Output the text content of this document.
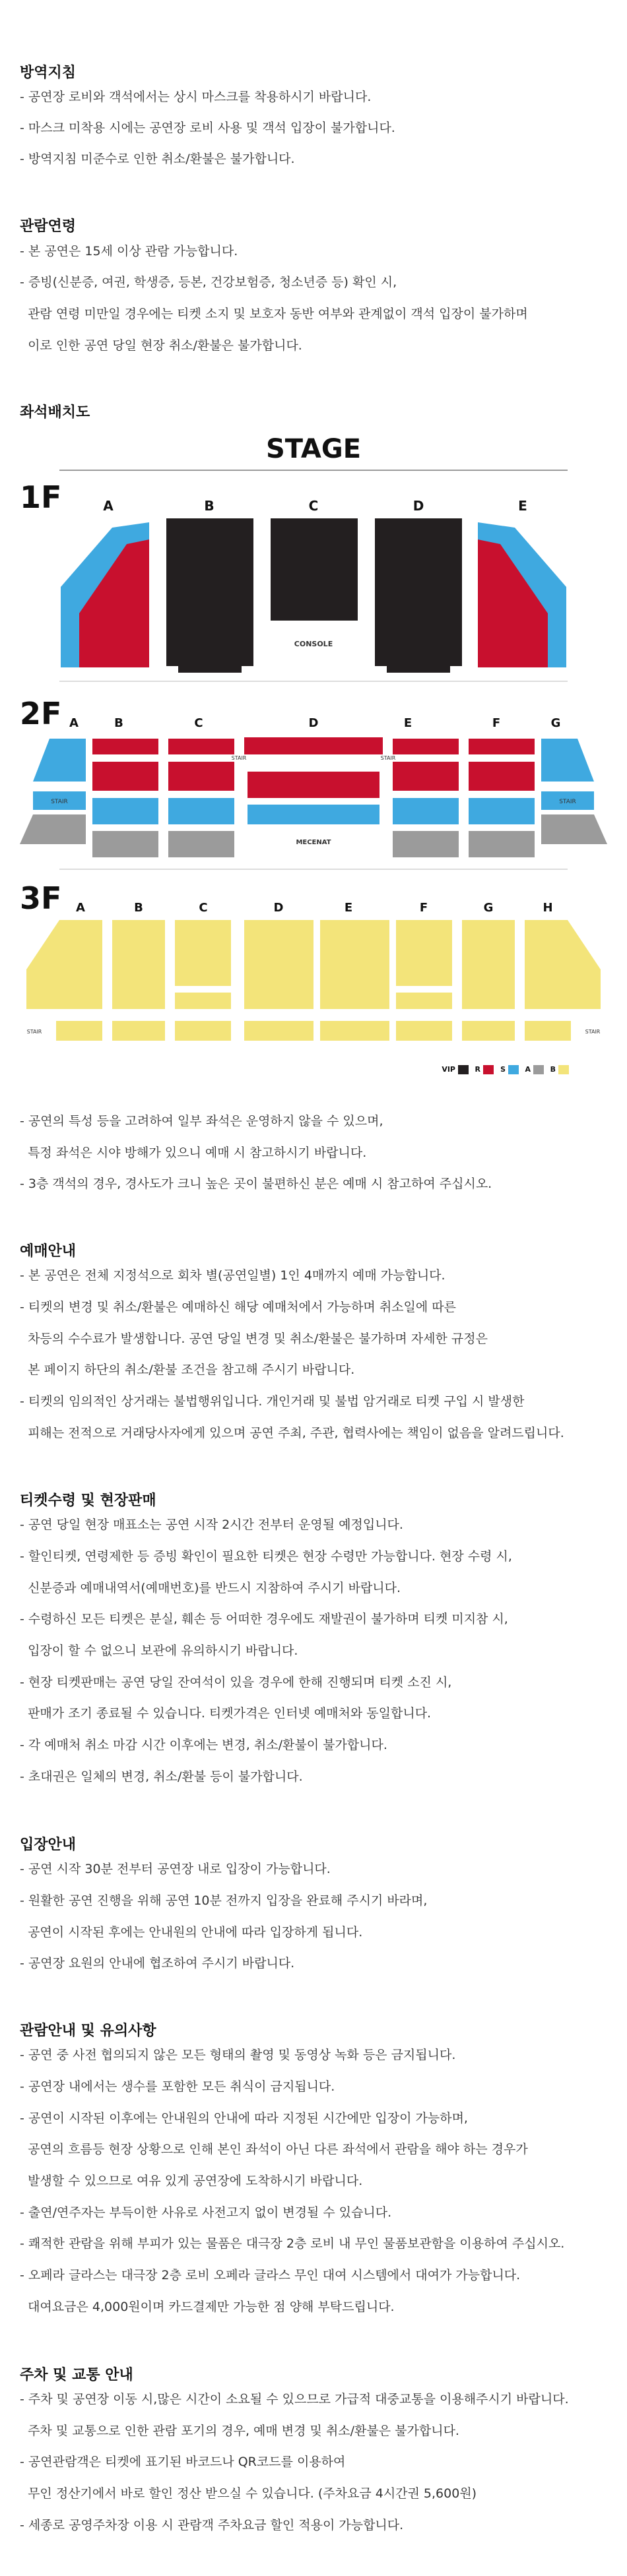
방역지침
- 공연장 로비와 객석에서는 상시 마스크를 착용하시기 바랍니다.
- 마스크 미착용 시에는 공연장 로비 사용 및 객석 입장이 불가합니다.
- 방역지침 미준수로 인한 취소/환불은 불가합니다.
관람연령
- 본 공연은 15세 이상 관람 가능합니다.
- 증빙(신분증, 여권, 학생증, 등본, 건강보험증, 청소년증 등) 확인 시,
관람 연령 미만일 경우에는 티켓 소지 및 보호자 동반 여부와 관계없이 객석 입장이 불가하며
이로 인한 공연 당일 현장 취소/환불은 불가합니다.
좌석배치도
STAGE
1F	A	B	C	D	E
CONSOLE
2F A	B	C	D	E	F	G
STAIR	STAIR
STAIR	STAIR
MECENAT
3F A	B	C	D	E	F	G	H
STAIR	STAIR
VIP	R	S	A	B
- 공연의 특성 등을 고려하여 일부 좌석은 운영하지 않을 수 있으며,
특정 좌석은 시야 방해가 있으니 예매 시 참고하시기 바랍니다.
- 3층 객석의 경우, 경사도가 크니 높은 곳이 불편하신 분은 예매 시 참고하여 주십시오.
예매안내
- 본 공연은 전체 지정석으로 회차 별(공연일별) 1인 4매까지 예매 가능합니다.
- 티켓의 변경 및 취소/환불은 예매하신 해당 예매처에서 가능하며 취소일에 따른
차등의 수수료가 발생합니다. 공연 당일 변경 및 취소/환불은 불가하며 자세한 규정은
본 페이지 하단의 취소/환불 조건을 참고해 주시기 바랍니다.
- 티켓의 임의적인 상거래는 불법행위입니다. 개인거래 및 불법 암거래로 티켓 구입 시 발생한
피해는 전적으로 거래당사자에게 있으며 공연 주최, 주관, 협력사에는 책임이 없음을 알려드립니다.
티켓수령 및 현장판매
- 공연 당일 현장 매표소는 공연 시작 2시간 전부터 운영될 예정입니다.
- 할인티켓, 연령제한 등 증빙 확인이 필요한 티켓은 현장 수령만 가능합니다. 현장 수령 시,
신분증과 예매내역서(예매번호)를 반드시 지참하여 주시기 바랍니다.
- 수령하신 모든 티켓은 분실, 훼손 등 어떠한 경우에도 재발권이 불가하며 티켓 미지참 시,
입장이 할 수 없으니 보관에 유의하시기 바랍니다.
- 현장 티켓판매는 공연 당일 잔여석이 있을 경우에 한해 진행되며 티켓 소진 시,
판매가 조기 종료될 수 있습니다. 티켓가격은 인터넷 예매처와 동일합니다.
- 각 예매처 취소 마감 시간 이후에는 변경, 취소/환불이 불가합니다.
- 초대권은 일체의 변경, 취소/환불 등이 불가합니다.
입장안내
- 공연 시작 30분 전부터 공연장 내로 입장이 가능합니다.
- 원활한 공연 진행을 위해 공연 10분 전까지 입장을 완료해 주시기 바라며,
공연이 시작된 후에는 안내원의 안내에 따라 입장하게 됩니다.
- 공연장 요원의 안내에 협조하여 주시기 바랍니다.
관람안내 및 유의사항
- 공연 중 사전 협의되지 않은 모든 형태의 촬영 및 동영상 녹화 등은 금지됩니다.
- 공연장 내에서는 생수를 포함한 모든 취식이 금지됩니다.
- 공연이 시작된 이후에는 안내원의 안내에 따라 지정된 시간에만 입장이 가능하며,
공연의 흐름등 현장 상황으로 인해 본인 좌석이 아닌 다른 좌석에서 관람을 해야 하는 경우가
발생할 수 있으므로 여유 있게 공연장에 도착하시기 바랍니다.
- 출연/연주자는 부득이한 사유로 사전고지 없이 변경될 수 있습니다.
- 쾌적한 관람을 위해 부피가 있는 물품은 대극장 2층 로비 내 무인 물품보관함을 이용하여 주십시오.
- 오페라 글라스는 대극장 2층 로비 오페라 글라스 무인 대여 시스템에서 대여가 가능합니다.
대여요금은 4,000원이며 카드결제만 가능한 점 양해 부탁드립니다.
주차 및 교통 안내
- 주차 및 공연장 이동 시,많은 시간이 소요될 수 있으므로 가급적 대중교통을 이용해주시기 바랍니다.
주차 및 교통으로 인한 관람 포기의 경우, 예매 변경 및 취소/환불은 불가합니다.
- 공연관람객은 티켓에 표기된 바코드나 QR코드를 이용하여
무인 정산기에서 바로 할인 정산 받으실 수 있습니다. (주차요금 4시간권 5,600원)
- 세종로 공영주차장 이용 시 관람객 주차요금 할인 적용이 가능합니다.
